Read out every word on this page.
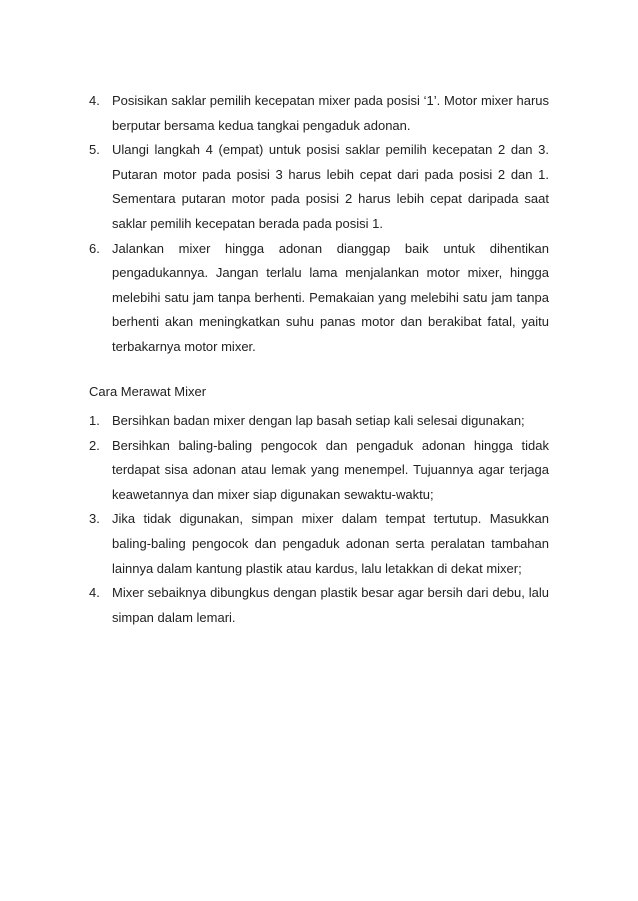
4. Posisikan saklar pemilih kecepatan mixer pada posisi ‘1’. Motor mixer harus berputar bersama kedua tangkai pengaduk adonan.
5. Ulangi langkah 4 (empat) untuk posisi saklar pemilih kecepatan 2 dan 3. Putaran motor pada posisi 3 harus lebih cepat dari pada posisi 2 dan 1. Sementara putaran motor pada posisi 2 harus lebih cepat daripada saat saklar pemilih kecepatan berada pada posisi 1.
6. Jalankan mixer hingga adonan dianggap baik untuk dihentikan pengadukannya. Jangan terlalu lama menjalankan motor mixer, hingga melebihi satu jam tanpa berhenti. Pemakaian yang melebihi satu jam tanpa berhenti akan meningkatkan suhu panas motor dan berakibat fatal, yaitu terbakarnya motor mixer.

Cara Merawat Mixer

1. Bersihkan badan mixer dengan lap basah setiap kali selesai digunakan;
2. Bersihkan baling-baling pengocok dan pengaduk adonan hingga tidak terdapat sisa adonan atau lemak yang menempel. Tujuannya agar terjaga keawetannya dan mixer siap digunakan sewaktu-waktu;
3. Jika tidak digunakan, simpan mixer dalam tempat tertutup. Masukkan baling-baling pengocok dan pengaduk adonan serta peralatan tambahan lainnya dalam kantung plastik atau kardus, lalu letakkan di dekat mixer;
4. Mixer sebaiknya dibungkus dengan plastik besar agar bersih dari debu, lalu simpan dalam lemari.
